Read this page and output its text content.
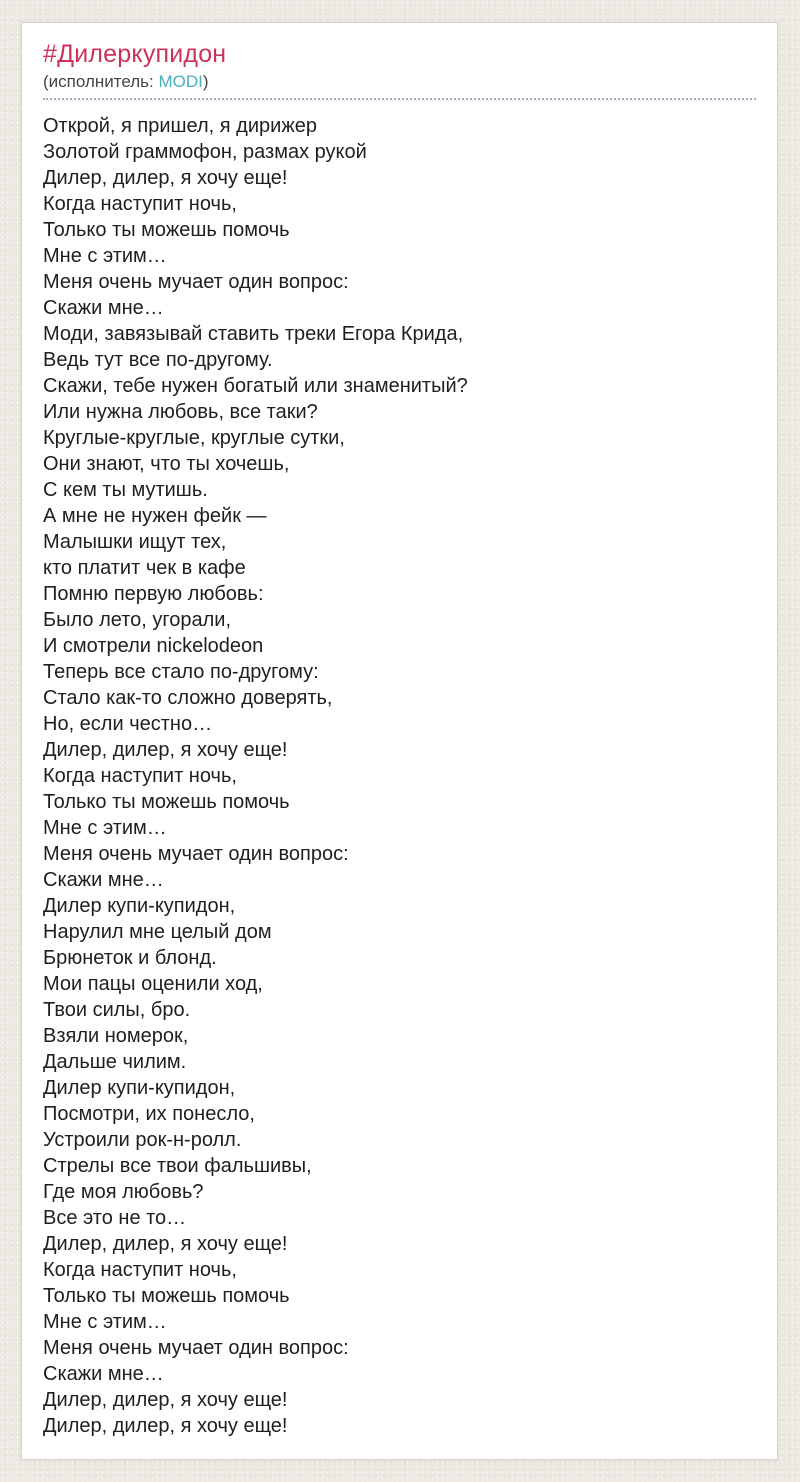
#Дилеркупидон
(исполнитель: MODI)
Открой, я пришел, я дирижер
Золотой граммофон, размах рукой
Дилер, дилер, я хочу еще!
Когда наступит ночь,
Только ты можешь помочь
Мне с этим…
Меня очень мучает один вопрос:
Скажи мне…
Моди, завязывай ставить треки Егора Крида,
Ведь тут все по-другому.
Скажи, тебе нужен богатый или знаменитый?
Или нужна любовь, все таки?
Круглые-круглые, круглые сутки,
Они знают, что ты хочешь,
С кем ты мутишь.
А мне не нужен фейк —
Малышки ищут тех,
кто платит чек в кафе
Помню первую любовь:
Было лето, угорали,
И смотрели nickelodeon
Теперь все стало по-другому:
Стало как-то сложно доверять,
Но, если честно…
Дилер, дилер, я хочу еще!
Когда наступит ночь,
Только ты можешь помочь
Мне с этим…
Меня очень мучает один вопрос:
Скажи мне…
Дилер купи-купидон,
Нарулил мне целый дом
Брюнеток и блонд.
Мои пацы оценили ход,
Твои силы, бро.
Взяли номерок,
Дальше чилим.
Дилер купи-купидон,
Посмотри, их понесло,
Устроили рок-н-ролл.
Стрелы все твои фальшивы,
Где моя любовь?
Все это не то…
Дилер, дилер, я хочу еще!
Когда наступит ночь,
Только ты можешь помочь
Мне с этим…
Меня очень мучает один вопрос:
Скажи мне…
Дилер, дилер, я хочу еще!
Дилер, дилер, я хочу еще!
